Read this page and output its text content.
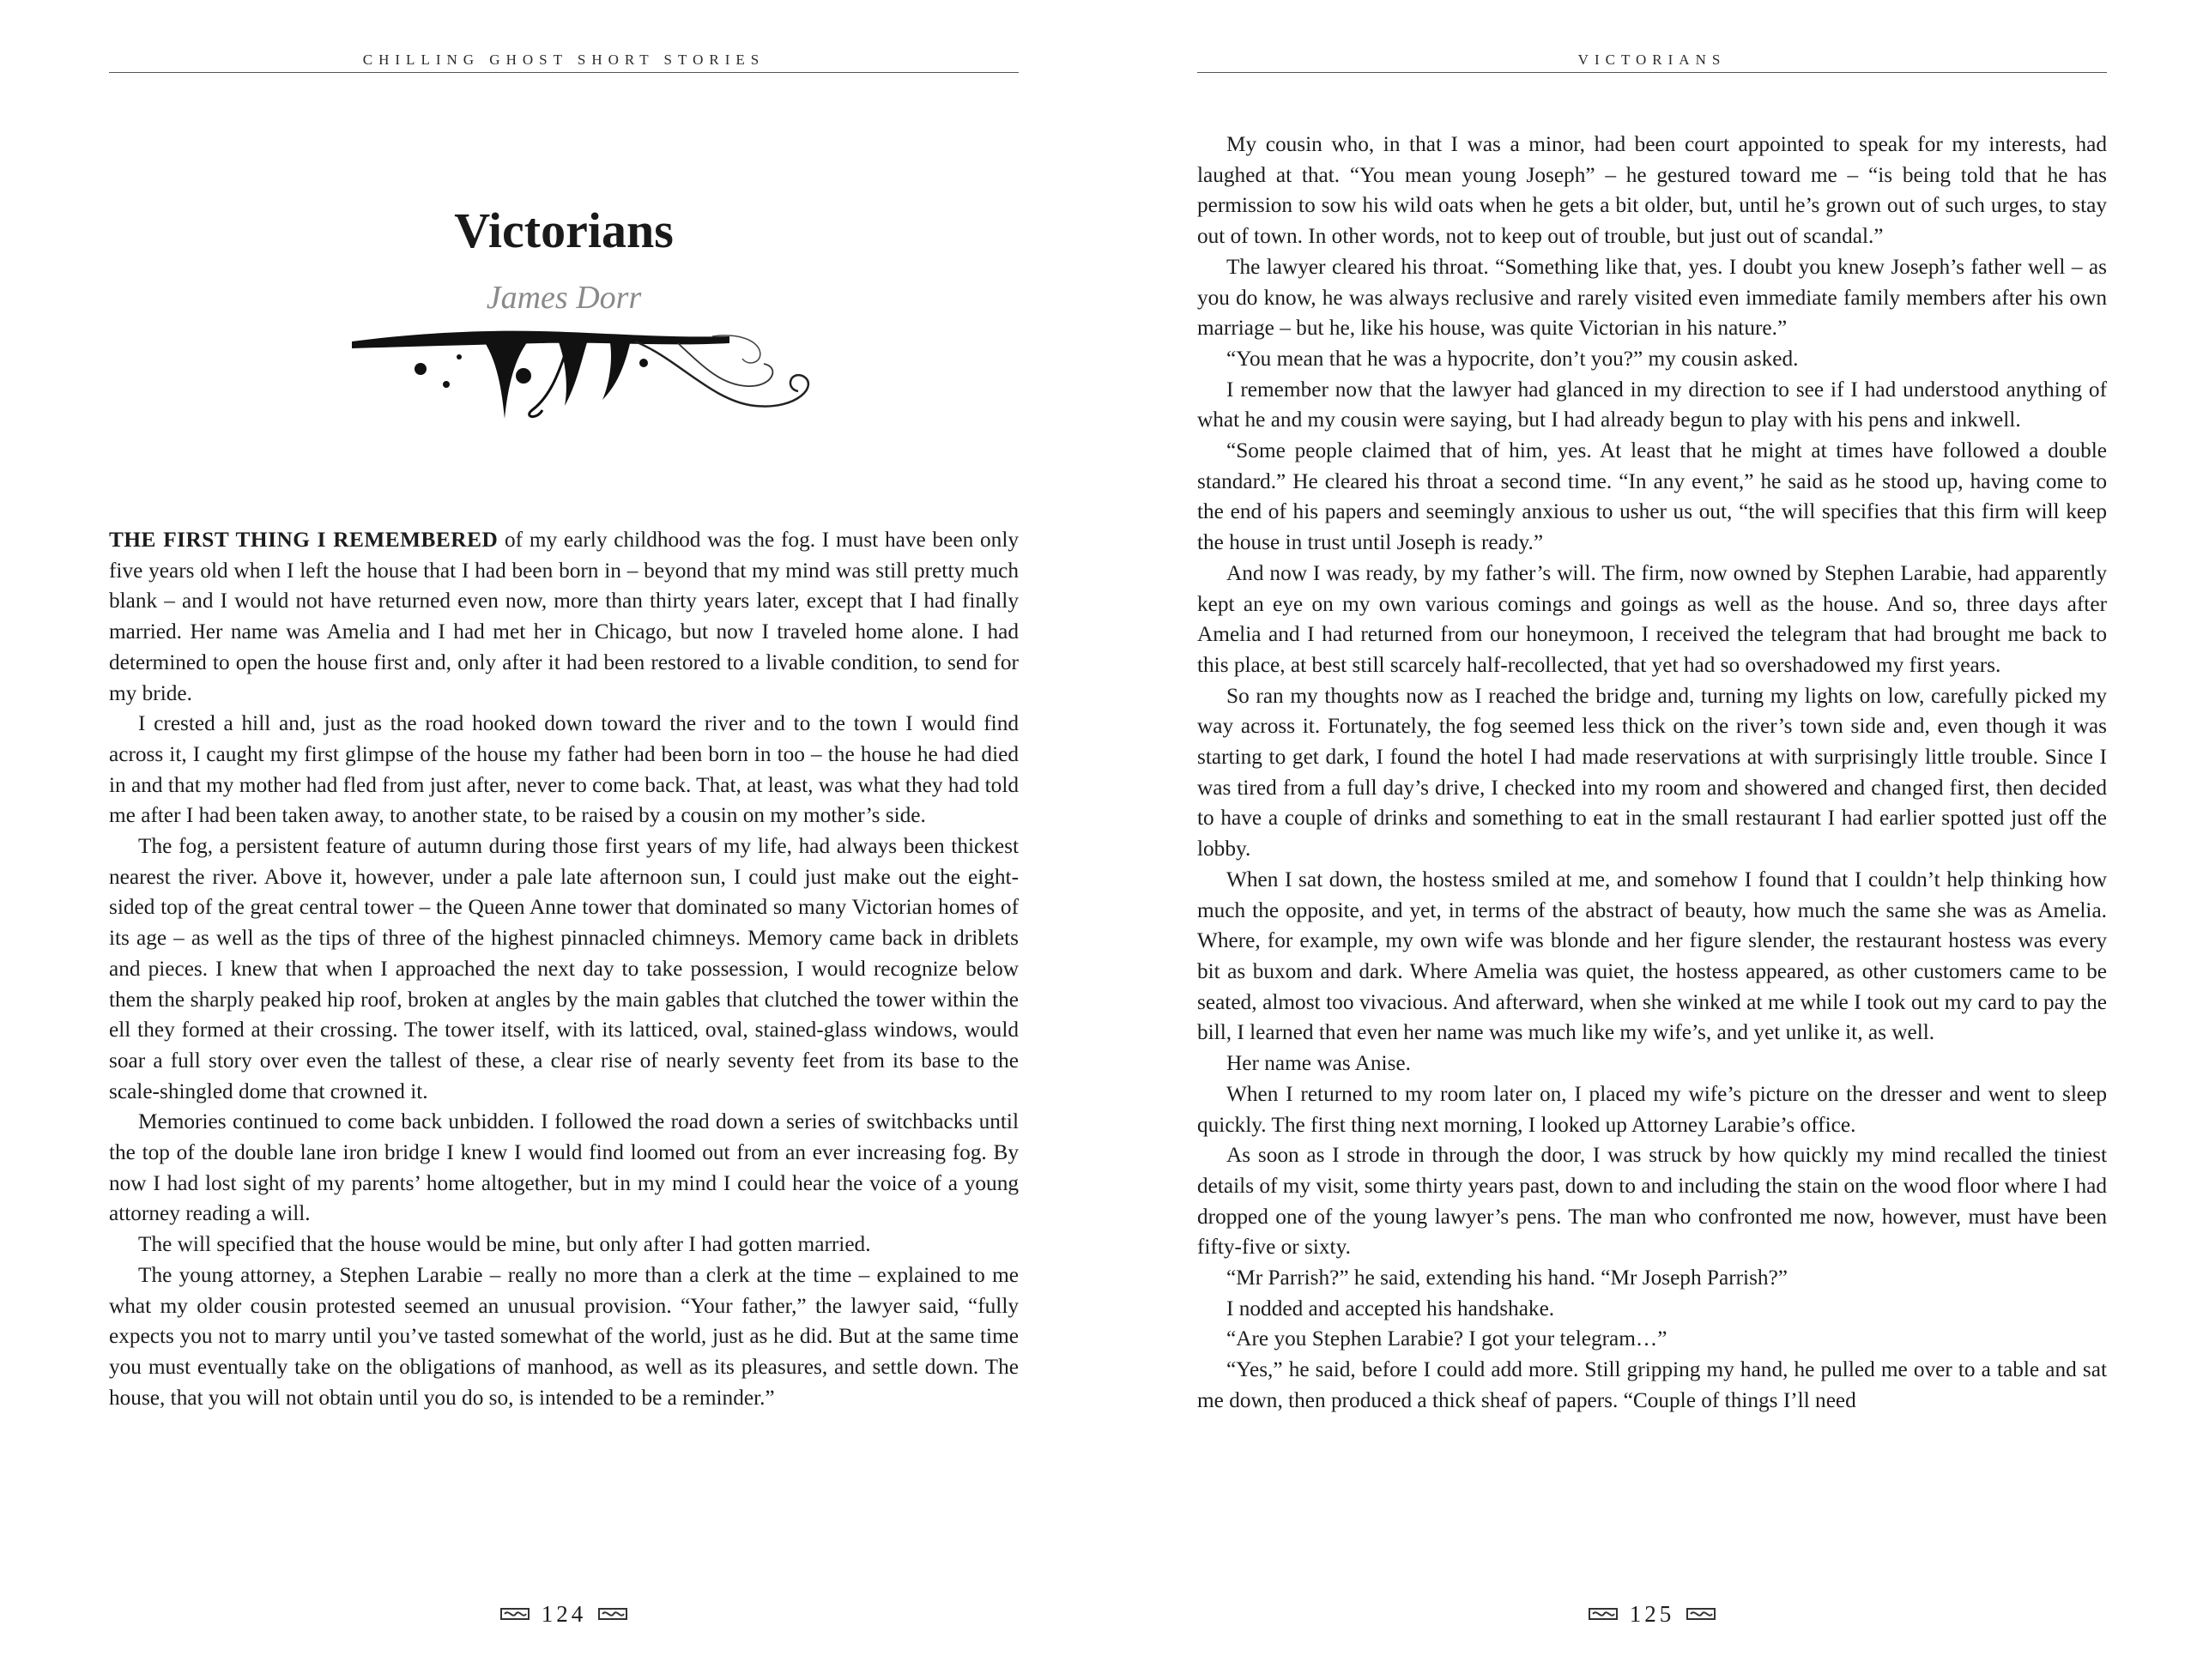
CHILLING GHOST SHORT STORIES
Victorians
James Dorr

THE FIRST THING I REMEMBERED of my early childhood was the fog. I must have been only five years old when I left the house that I had been born in – beyond that my mind was still pretty much blank – and I would not have returned even now, more than thirty years later, except that I had finally married. Her name was Amelia and I had met her in Chicago, but now I traveled home alone. I had determined to open the house first and, only after it had been restored to a livable condition, to send for my bride.

I crested a hill and, just as the road hooked down toward the river and to the town I would find across it, I caught my first glimpse of the house my father had been born in too – the house he had died in and that my mother had fled from just after, never to come back. That, at least, was what they had told me after I had been taken away, to another state, to be raised by a cousin on my mother’s side.

The fog, a persistent feature of autumn during those first years of my life, had always been thickest nearest the river. Above it, however, under a pale late afternoon sun, I could just make out the eight-sided top of the great central tower – the Queen Anne tower that dominated so many Victorian homes of its age – as well as the tips of three of the highest pinnacled chimneys. Memory came back in driblets and pieces. I knew that when I approached the next day to take possession, I would recognize below them the sharply peaked hip roof, broken at angles by the main gables that clutched the tower within the ell they formed at their crossing. The tower itself, with its latticed, oval, stained-glass windows, would soar a full story over even the tallest of these, a clear rise of nearly seventy feet from its base to the scale-shingled dome that crowned it.

Memories continued to come back unbidden. I followed the road down a series of switchbacks until the top of the double lane iron bridge I knew I would find loomed out from an ever increasing fog. By now I had lost sight of my parents’ home altogether, but in my mind I could hear the voice of a young attorney reading a will.

The will specified that the house would be mine, but only after I had gotten married.

The young attorney, a Stephen Larabie – really no more than a clerk at the time – explained to me what my older cousin protested seemed an unusual provision. “Your father,” the lawyer said, “fully expects you not to marry until you’ve tasted somewhat of the world, just as he did. But at the same time you must eventually take on the obligations of manhood, as well as its pleasures, and settle down. The house, that you will not obtain until you do so, is intended to be a reminder.”

124
VICTORIANS

My cousin who, in that I was a minor, had been court appointed to speak for my interests, had laughed at that. “You mean young Joseph” – he gestured toward me – “is being told that he has permission to sow his wild oats when he gets a bit older, but, until he’s grown out of such urges, to stay out of town. In other words, not to keep out of trouble, but just out of scandal.”

The lawyer cleared his throat. “Something like that, yes. I doubt you knew Joseph’s father well – as you do know, he was always reclusive and rarely visited even immediate family members after his own marriage – but he, like his house, was quite Victorian in his nature.”

“You mean that he was a hypocrite, don’t you?” my cousin asked.

I remember now that the lawyer had glanced in my direction to see if I had understood anything of what he and my cousin were saying, but I had already begun to play with his pens and inkwell.

“Some people claimed that of him, yes. At least that he might at times have followed a double standard.” He cleared his throat a second time. “In any event,” he said as he stood up, having come to the end of his papers and seemingly anxious to usher us out, “the will specifies that this firm will keep the house in trust until Joseph is ready.”

And now I was ready, by my father’s will. The firm, now owned by Stephen Larabie, had apparently kept an eye on my own various comings and goings as well as the house. And so, three days after Amelia and I had returned from our honeymoon, I received the telegram that had brought me back to this place, at best still scarcely half-recollected, that yet had so overshadowed my first years.

So ran my thoughts now as I reached the bridge and, turning my lights on low, carefully picked my way across it. Fortunately, the fog seemed less thick on the river’s town side and, even though it was starting to get dark, I found the hotel I had made reservations at with surprisingly little trouble. Since I was tired from a full day’s drive, I checked into my room and showered and changed first, then decided to have a couple of drinks and something to eat in the small restaurant I had earlier spotted just off the lobby.

When I sat down, the hostess smiled at me, and somehow I found that I couldn’t help thinking how much the opposite, and yet, in terms of the abstract of beauty, how much the same she was as Amelia. Where, for example, my own wife was blonde and her figure slender, the restaurant hostess was every bit as buxom and dark. Where Amelia was quiet, the hostess appeared, as other customers came to be seated, almost too vivacious. And afterward, when she winked at me while I took out my card to pay the bill, I learned that even her name was much like my wife’s, and yet unlike it, as well.

Her name was Anise.

When I returned to my room later on, I placed my wife’s picture on the dresser and went to sleep quickly. The first thing next morning, I looked up Attorney Larabie’s office.

As soon as I strode in through the door, I was struck by how quickly my mind recalled the tiniest details of my visit, some thirty years past, down to and including the stain on the wood floor where I had dropped one of the young lawyer’s pens. The man who confronted me now, however, must have been fifty-five or sixty.

“Mr Parrish?” he said, extending his hand. “Mr Joseph Parrish?”

I nodded and accepted his handshake.

“Are you Stephen Larabie? I got your telegram…”

“Yes,” he said, before I could add more. Still gripping my hand, he pulled me over to a table and sat me down, then produced a thick sheaf of papers. “Couple of things I’ll need

125
